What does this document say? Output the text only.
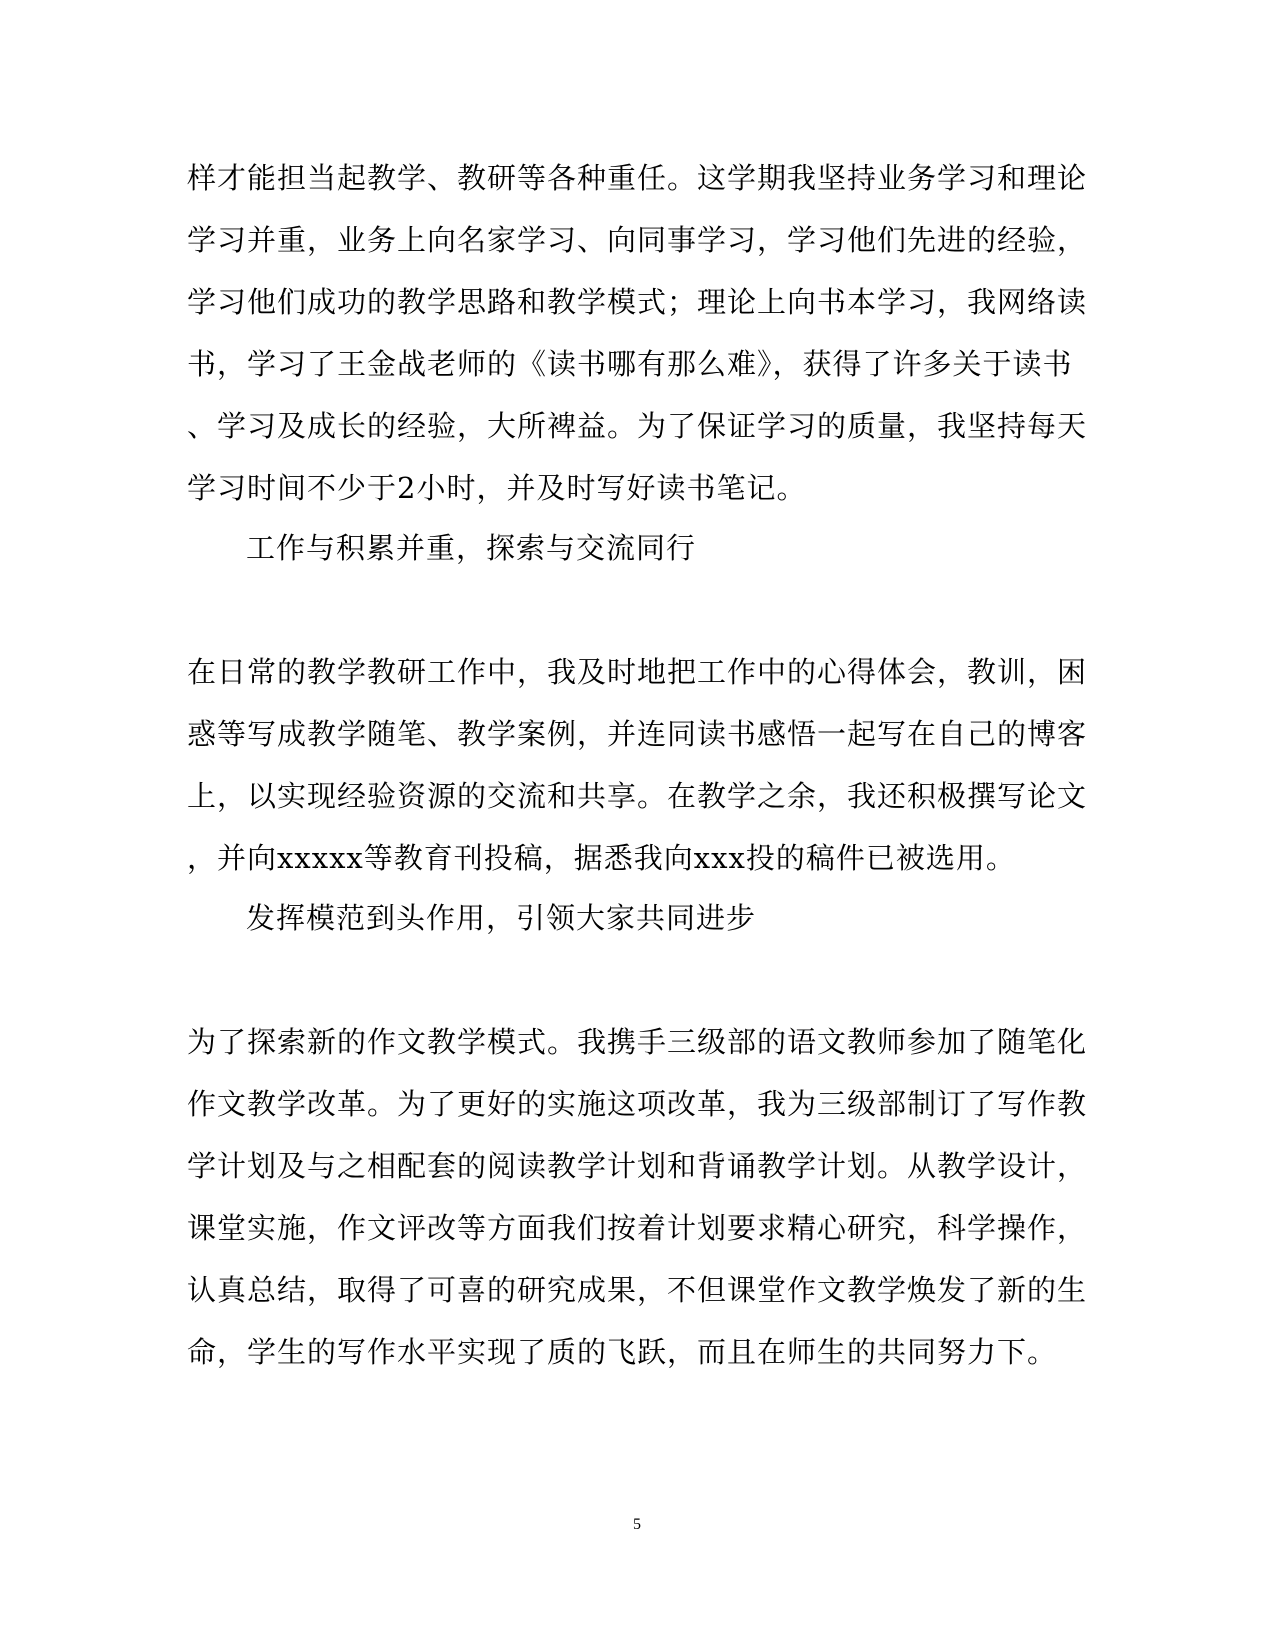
样才能担当起教学、教研等各种重任。这学期我坚持业务学习和理论
学习并重，业务上向名家学习、向同事学习，学习他们先进的经验，
学习他们成功的教学思路和教学模式；理论上向书本学习，我网络读
书，学习了王金战老师的《读书哪有那么难》，获得了许多关于读书
、学习及成长的经验，大所裨益。为了保证学习的质量，我坚持每天
学习时间不少于2小时，并及时写好读书笔记。
工作与积累并重，探索与交流同行
在日常的教学教研工作中，我及时地把工作中的心得体会，教训，困
惑等写成教学随笔、教学案例，并连同读书感悟一起写在自己的博客
上，以实现经验资源的交流和共享。在教学之余，我还积极撰写论文
，并向xxxxx等教育刊投稿，据悉我向xxx投的稿件已被选用。
发挥模范到头作用，引领大家共同进步
为了探索新的作文教学模式。我携手三级部的语文教师参加了随笔化
作文教学改革。为了更好的实施这项改革，我为三级部制订了写作教
学计划及与之相配套的阅读教学计划和背诵教学计划。从教学设计，
课堂实施，作文评改等方面我们按着计划要求精心研究，科学操作，
认真总结，取得了可喜的研究成果，不但课堂作文教学焕发了新的生
命，学生的写作水平实现了质的飞跃，而且在师生的共同努力下。
5
